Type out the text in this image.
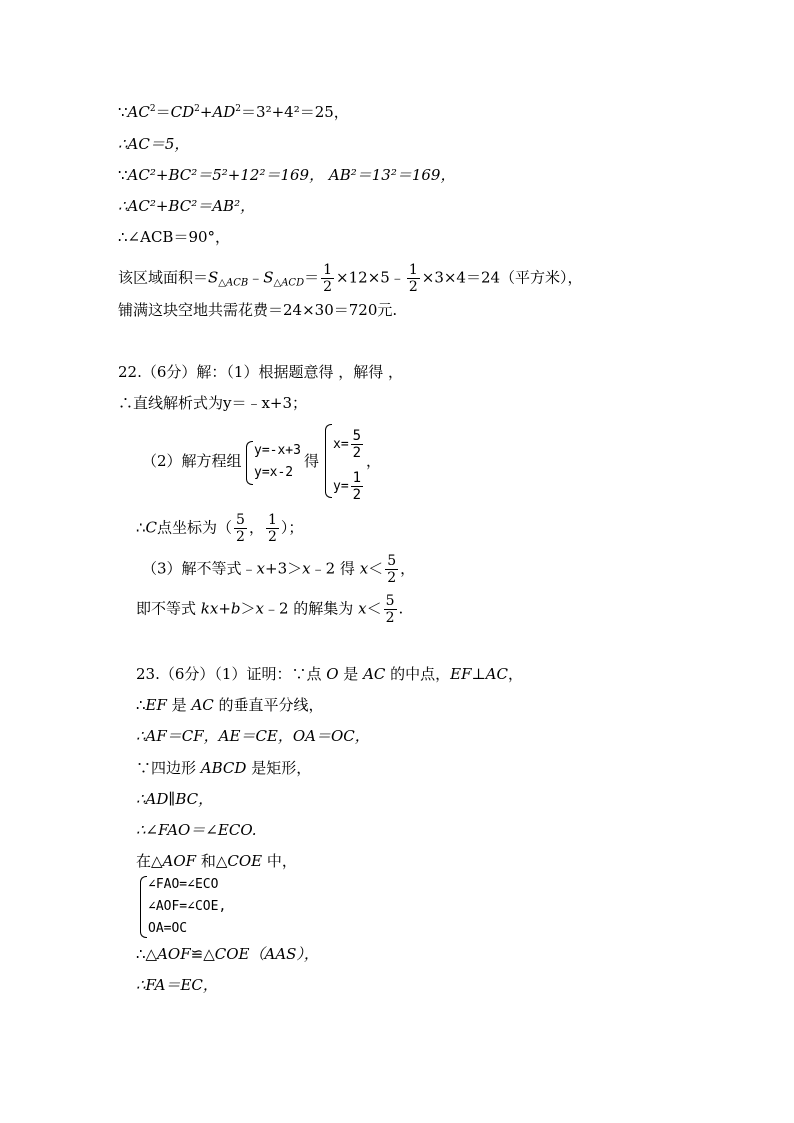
$\because AC^2=CD^2+AD^2=3^2+4^2=25$，
∴AC＝5，
∵AC²+BC²＝5²+12²＝169， AB²＝13²＝169，
∴AC²+BC²＝AB²，
∴∠ACB＝90°，
该区域面积$=S_{\triangle ACB}﹣S_{\triangle ACD}= \frac{1}{2}$ ×12×5﹣ $\frac{1}{2} \times 3\times 4=24$（平方米），
铺满这块空地共需花费＝24×30＝720元.
22.（6分）解：（1）根据题意得 ，解得 ，
∴直线解析式为y＝﹣x+3；
（2）解方程组
y=-x+3
y=x-2
得
$x= \frac{5}{2}$ ，
$y= \frac{1}{2}$
∴C点坐标为（ $\frac{5}{2}$ ， $\frac{1}{2}$ ）；
（3）解不等式﹣x+3＞x﹣2 得 $x< \frac{5}{2}$ ，
即不等式 kx+b＞x﹣2 的解集为 $x< \frac{5}{2}$ .
23.（6分）（1）证明：∵点 O 是 AC 的中点，EF⊥AC，
∴EF 是 AC 的垂直平分线，
∴AF＝CF，AE＝CE，OA＝OC，
∵四边形 ABCD 是矩形，
∴AD∥BC，
∴∠FAO＝∠ECO.
在△AOF 和△COE 中，
∠FAO=∠ECO
∠AOF=∠COE,
OA=OC
∴△AOF≌△COE（AAS），
∴FA＝EC，
